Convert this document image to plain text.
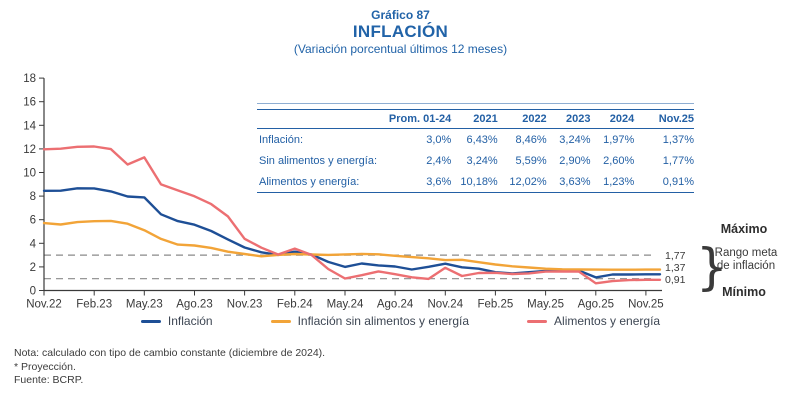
Gráfico 87
INFLACIÓN
(Variación porcentual últimos 12 meses)
0
2
4
6
8
10
12
14
16
18
Nov.22 Feb.23 May.23 Ago.23 Nov.23 Feb.24 May.24 Ago.24 Nov.24 Feb.25 May.25 Ago.25 Nov.25
1,77
1,37
0,91 }
Máximo
Rango meta
de inflación
Mínimo
	Prom. 01-24	2021	2022	2023	2024	Nov.25
Inflación:	3,0%	6,43%	8,46%	3,24%	1,97%	1,37%
Sin alimentos y energía:	2,4%	3,24%	5,59%	2,90%	2,60%	1,77%
Alimentos y energía:	3,6%	10,18%	12,02%	3,63%	1,23%	0,91%
Inflación	Inflación sin alimentos y energía	Alimentos y energía
Nota: calculado con tipo de cambio constante (diciembre de 2024).
* Proyección.
Fuente: BCRP.
